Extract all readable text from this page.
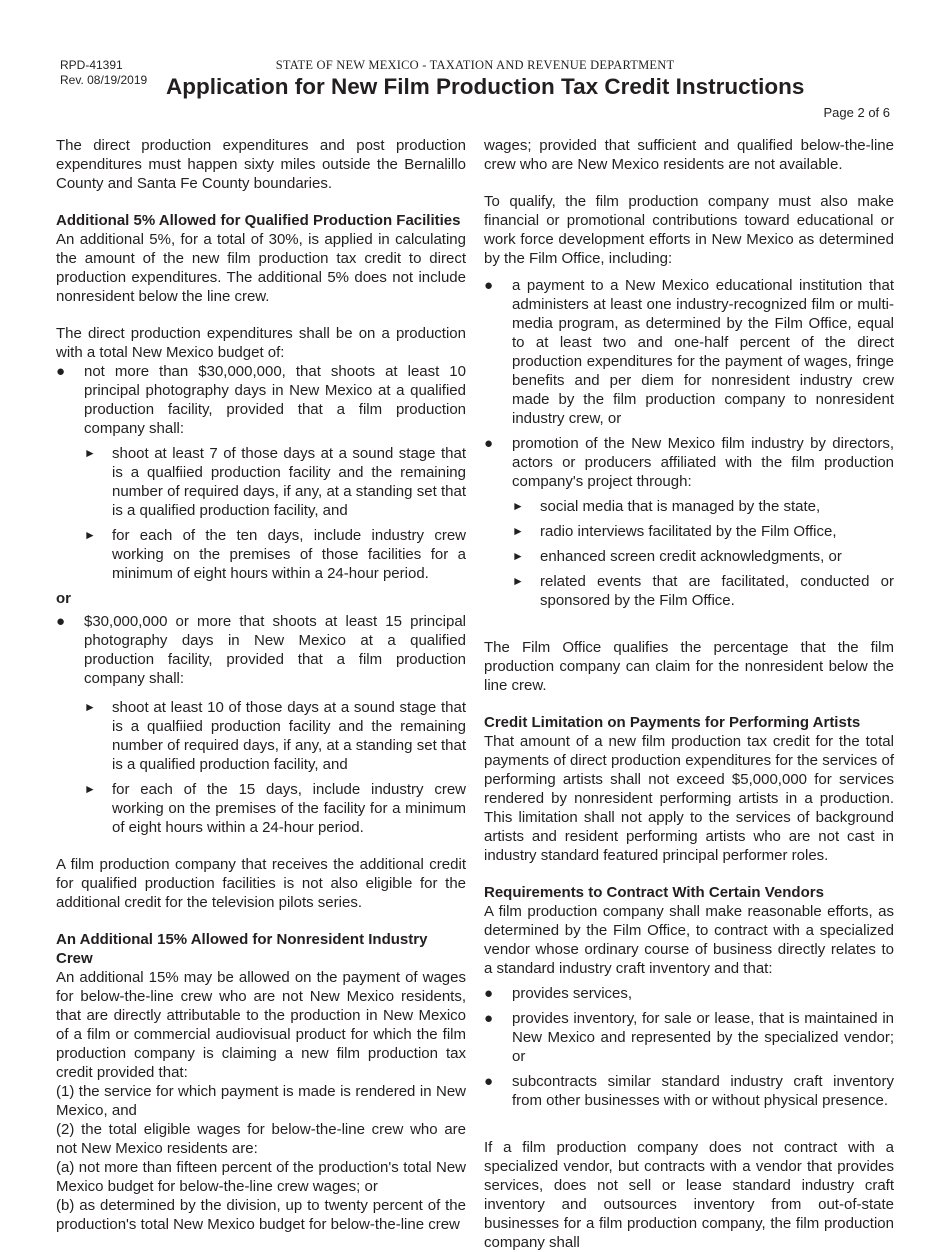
RPD-41391
Rev. 08/19/2019
STATE OF NEW MEXICO - TAXATION AND REVENUE DEPARTMENT
Application for New Film Production Tax Credit Instructions
Page 2 of 6

The direct production expenditures and post production expenditures must happen sixty miles outside the Bernalillo County and Santa Fe County boundaries.

Additional 5% Allowed for Qualified Production Facilities

An additional 5%, for a total of 30%, is applied in calculating the amount of the new film production tax credit to direct production expenditures. The additional 5% does not include nonresident below the line crew.

The direct production expenditures shall be on a production with a total New Mexico budget of:

● not more than $30,000,000, that shoots at least 10 principal photography days in New Mexico at a qualified production facility, provided that a film production company shall:
► shoot at least 7 of those days at a sound stage that is a qualfiied production facility and the remaining number of required days, if any, at a standing set that is a qualified production facility, and
► for each of the ten days, include industry crew working on the premises of those facilities for a minimum of eight hours within a 24-hour period.
or
● $30,000,000 or more that shoots at least 15 principal photography days in New Mexico at a qualified production facility, provided that a film production company shall:
► shoot at least 10 of those days at a sound stage that is a qualfiied production facility and the remaining number of required days, if any, at a standing set that is a qualified production facility, and
► for each of the 15 days, include industry crew working on the premises of the facility for a minimum of eight hours within a 24-hour period.

A film production company that receives the additional credit for qualified production facilities is not also eligible for the additional credit for the television pilots series.

An Additional 15% Allowed for Nonresident Industry Crew

An additional 15% may be allowed on the payment of wages for below-the-line crew who are not New Mexico residents, that are directly attributable to the production in New Mexico of a film or commercial audiovisual product for which the film production company is claiming a new film production tax credit provided that:

(1) the service for which payment is made is rendered in New Mexico, and

(2) the total eligible wages for below-the-line crew who are not New Mexico residents are:

(a) not more than fifteen percent of the production's total New Mexico budget for below-the-line crew wages; or

(b) as determined by the division, up to twenty percent of the production's total New Mexico budget for below-the-line crew

wages; provided that sufficient and qualified below-the-line crew who are New Mexico residents are not available.

To qualify, the film production company must also make financial or promotional contributions toward educational or work force development efforts in New Mexico as determined by the Film Office, including:

● a payment to a New Mexico educational institution that administers at least one industry-recognized film or multi-media program, as determined by the Film Office, equal to at least two and one-half percent of the direct production expenditures for the payment of wages, fringe benefits and per diem for nonresident industry crew made by the film production company to nonresident industry crew, or
● promotion of the New Mexico film industry by directors, actors or producers affiliated with the film production company's project through:
► social media that is managed by the state,
► radio interviews facilitated by the Film Office,
► enhanced screen credit acknowledgments, or
► related events that are facilitated, conducted or sponsored by the Film Office.

The Film Office qualifies the percentage that the film production company can claim for the nonresident below the line crew.

Credit Limitation on Payments for Performing Artists

That amount of a new film production tax credit for the total payments of direct production expenditures for the services of performing artists shall not exceed $5,000,000 for services rendered by nonresident performing artists in a production. This limitation shall not apply to the services of background artists and resident performing artists who are not cast in industry standard featured principal performer roles.

Requirements to Contract With Certain Vendors

A film production company shall make reasonable efforts, as determined by the Film Office, to contract with a specialized vendor whose ordinary course of business directly relates to a standard industry craft inventory and that:

● provides services,
● provides inventory, for sale or lease, that is maintained in New Mexico and represented by the specialized vendor; or
● subcontracts similar standard industry craft inventory from other businesses with or without physical presence.

If a film production company does not contract with a specialized vendor, but contracts with a vendor that provides services, does not sell or lease standard industry craft inventory and outsources inventory from out-of-state businesses for a film production company, the film production company shall
